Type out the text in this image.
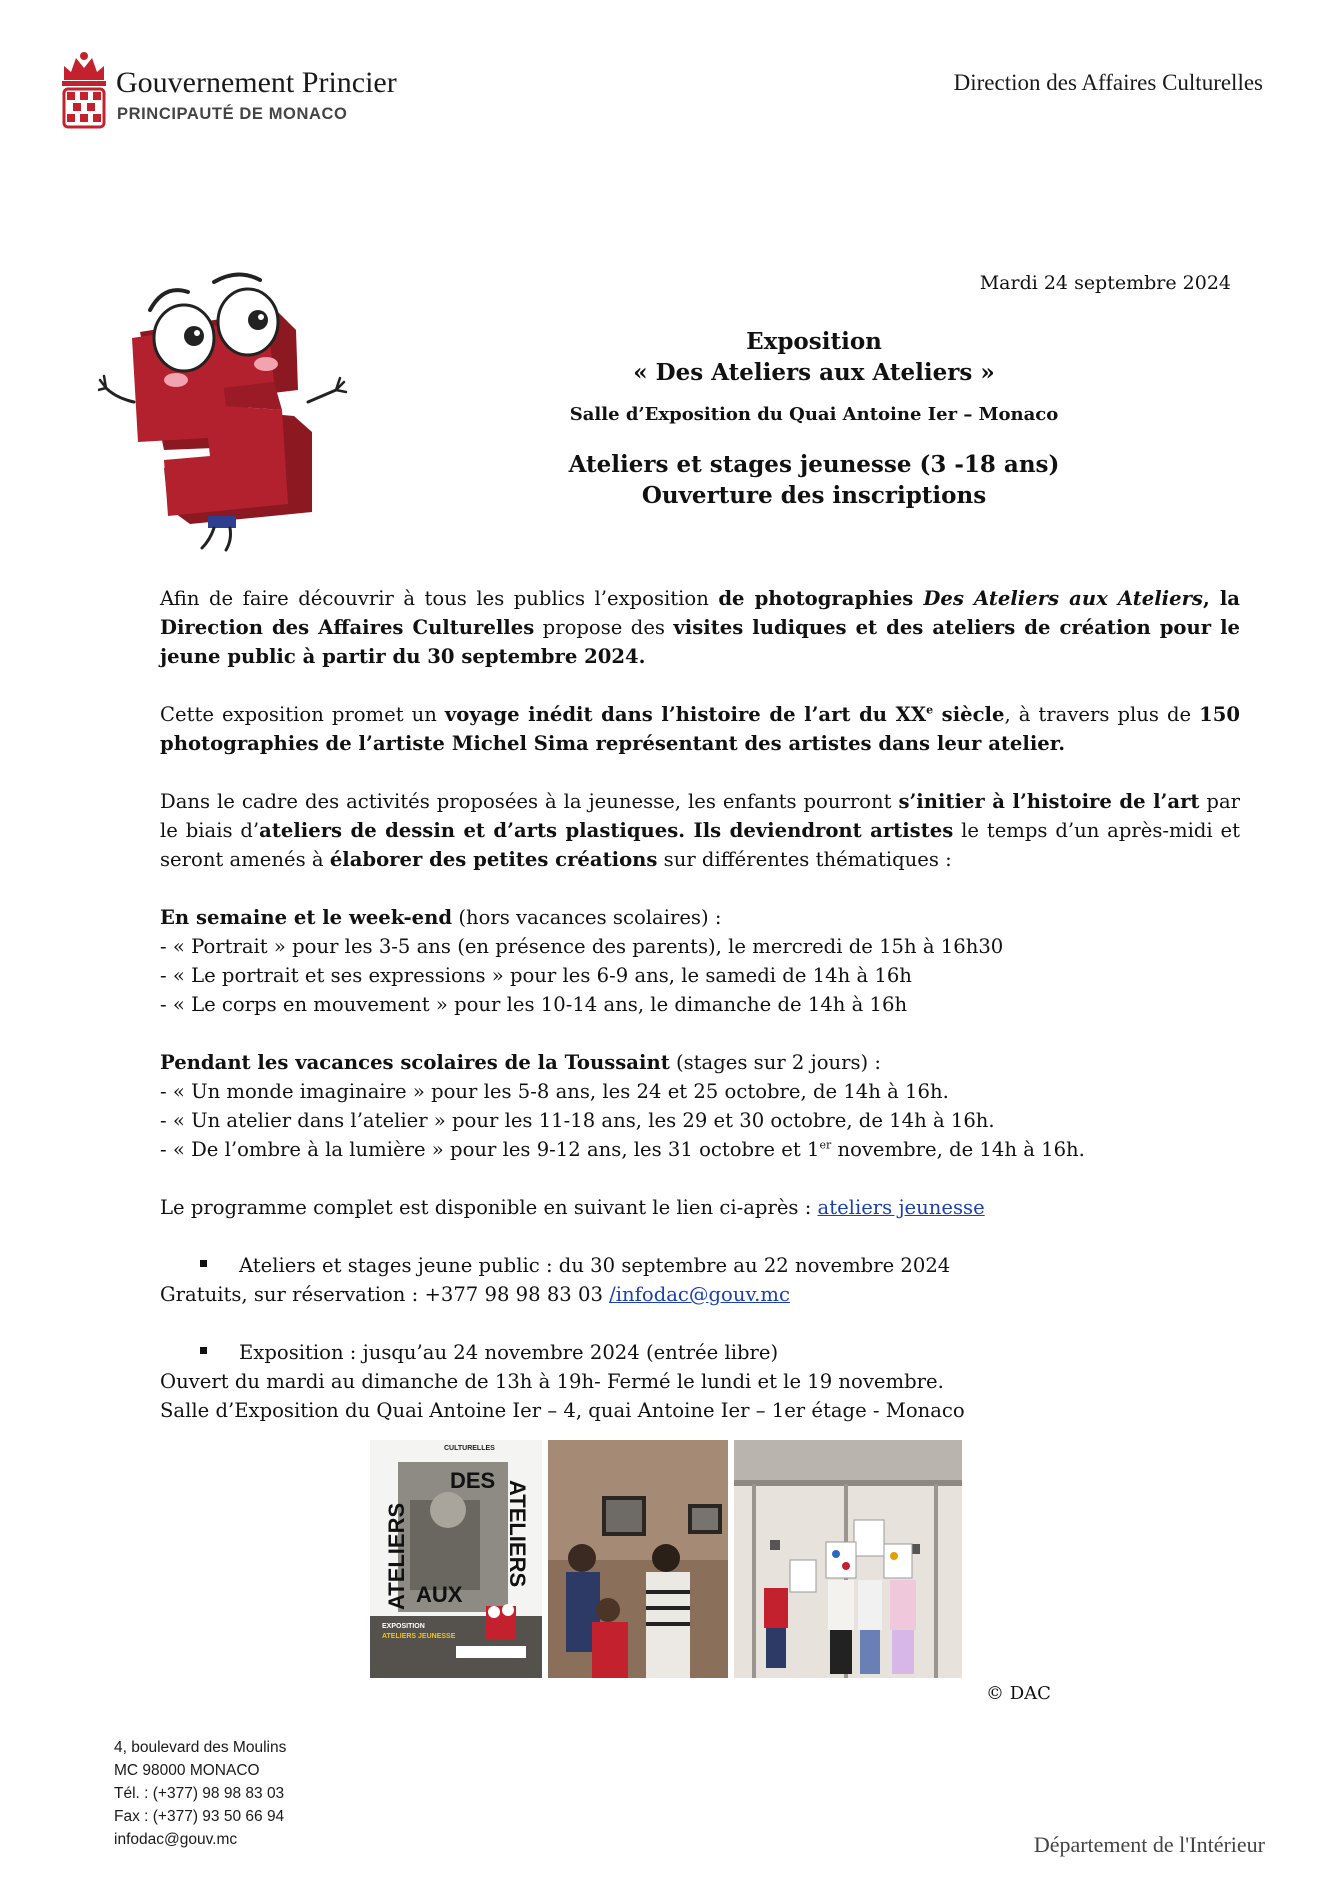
Gouvernement Princier
PRINCIPAUTÉ DE MONACO
Direction des Affaires Culturelles
Mardi 24 septembre 2024
Exposition
« Des Ateliers aux Ateliers »
Salle d’Exposition du Quai Antoine Ier – Monaco
Ateliers et stages jeunesse (3 -18 ans)
Ouverture des inscriptions

Afin de faire découvrir à tous les publics l’exposition de photographies Des Ateliers aux Ateliers, la Direction des Affaires Culturelles propose des visites ludiques et des ateliers de création pour le jeune public à partir du 30 septembre 2024.

Cette exposition promet un voyage inédit dans l’histoire de l’art du XXe siècle, à travers plus de 150 photographies de l’artiste Michel Sima représentant des artistes dans leur atelier.

Dans le cadre des activités proposées à la jeunesse, les enfants pourront s’initier à l’histoire de l’art par le biais d’ateliers de dessin et d’arts plastiques. Ils deviendront artistes le temps d’un après-midi et seront amenés à élaborer des petites créations sur différentes thématiques :

En semaine et le week-end (hors vacances scolaires) :
- « Portrait » pour les 3-5 ans (en présence des parents), le mercredi de 15h à 16h30
- « Le portrait et ses expressions » pour les 6-9 ans, le samedi de 14h à 16h
- « Le corps en mouvement » pour les 10-14 ans, le dimanche de 14h à 16h
Pendant les vacances scolaires de la Toussaint (stages sur 2 jours) :
- « Un monde imaginaire » pour les 5-8 ans, les 24 et 25 octobre, de 14h à 16h.
- « Un atelier dans l’atelier » pour les 11-18 ans, les 29 et 30 octobre, de 14h à 16h.
- « De l’ombre à la lumière » pour les 9-12 ans, les 31 octobre et 1er novembre, de 14h à 16h.
Le programme complet est disponible en suivant le lien ci-après : ateliers jeunesse
Ateliers et stages jeune public : du 30 septembre au 22 novembre 2024
Gratuits, sur réservation : +377 98 98 83 03 /infodac@gouv.mc
Exposition : jusqu’au 24 novembre 2024 (entrée libre)
Ouvert du mardi au dimanche de 13h à 19h- Fermé le lundi et le 19 novembre.
Salle d’Exposition du Quai Antoine Ier – 4, quai Antoine Ier – 1er étage - Monaco
CULTURELLES
DES
ATELIERS	ATELIERS
AUX
EXPOSITION
ATELIERS JEUNESSE
© DAC
4, boulevard des Moulins
MC 98000 MONACO
Tél. : (+377) 98 98 83 03
Fax : (+377) 93 50 66 94
infodac@gouv.mc	Département de l'Intérieur
